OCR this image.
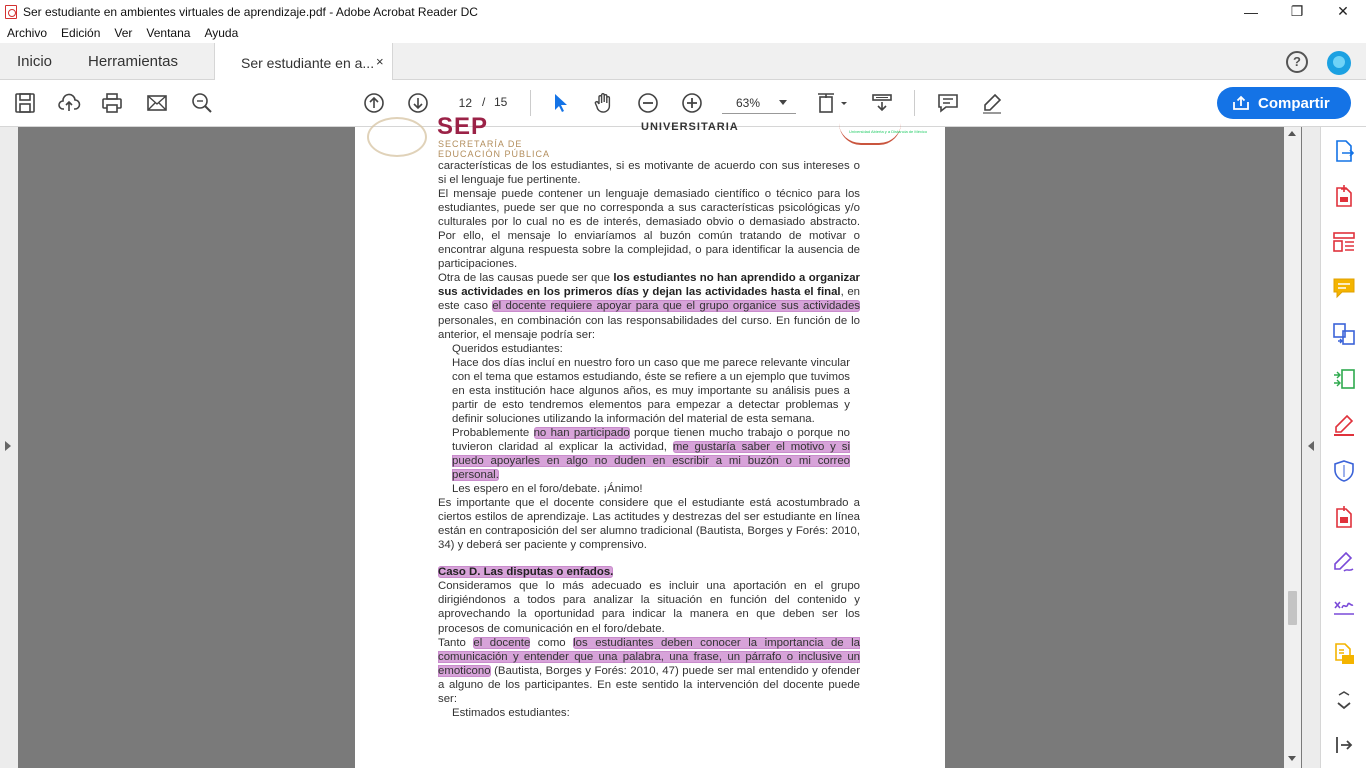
Ser estudiante en ambientes virtuales de aprendizaje.pdf - Adobe Acrobat Reader DC	—	❐	✕
Archivo Edición Ver Ventana Ayuda
Inicio Herramientas	Ser estudiante en a... ×	?
12 / 15	63%	Compartir
SEP
SECRETARÍA DE
EDUCACIÓN PÚBLICA
UNIVERSITARIA	Universidad Abierta y a Distancia de México

características de los estudiantes, si es motivante de acuerdo con sus intereses o si el lenguaje fue pertinente.

El mensaje puede contener un lenguaje demasiado científico o técnico para los estudiantes, puede ser que no corresponda a sus características psicológicas y/o culturales por lo cual no es de interés, demasiado obvio o demasiado abstracto. Por ello, el mensaje lo enviaríamos al buzón común tratando de motivar o encontrar alguna respuesta sobre la complejidad, o para identificar la ausencia de participaciones.

Otra de las causas puede ser que los estudiantes no han aprendido a organizar sus actividades en los primeros días y dejan las actividades hasta el final, en este caso el docente requiere apoyar para que el grupo organice sus actividades personales, en combinación con las responsabilidades del curso. En función de lo anterior, el mensaje podría ser:

Queridos estudiantes:

Hace dos días incluí en nuestro foro un caso que me parece relevante vincular con el tema que estamos estudiando, éste se refiere a un ejemplo que tuvimos en esta institución hace algunos años, es muy importante su análisis pues a partir de esto tendremos elementos para empezar a detectar problemas y definir soluciones utilizando la información del material de esta semana.

Probablemente no han participado porque tienen mucho trabajo o porque no tuvieron claridad al explicar la actividad, me gustaría saber el motivo y si puedo apoyarles en algo no duden en escribir a mi buzón o mi correo personal.

Les espero en el foro/debate. ¡Ánimo!

Es importante que el docente considere que el estudiante está acostumbrado a ciertos estilos de aprendizaje. Las actitudes y destrezas del ser estudiante en línea están en contraposición del ser alumno tradicional (Bautista, Borges y Forés: 2010, 34) y deberá ser paciente y comprensivo.

Caso D. Las disputas o enfados.

Consideramos que lo más adecuado es incluir una aportación en el grupo dirigiéndonos a todos para analizar la situación en función del contenido y aprovechando la oportunidad para indicar la manera en que deben ser los procesos de comunicación en el foro/debate.

Tanto el docente como los estudiantes deben conocer la importancia de la comunicación y entender que una palabra, una frase, un párrafo o inclusive un emoticono (Bautista, Borges y Forés: 2010, 47) puede ser mal entendido y ofender a alguno de los participantes. En este sentido la intervención del docente puede ser:

Estimados estudiantes:
